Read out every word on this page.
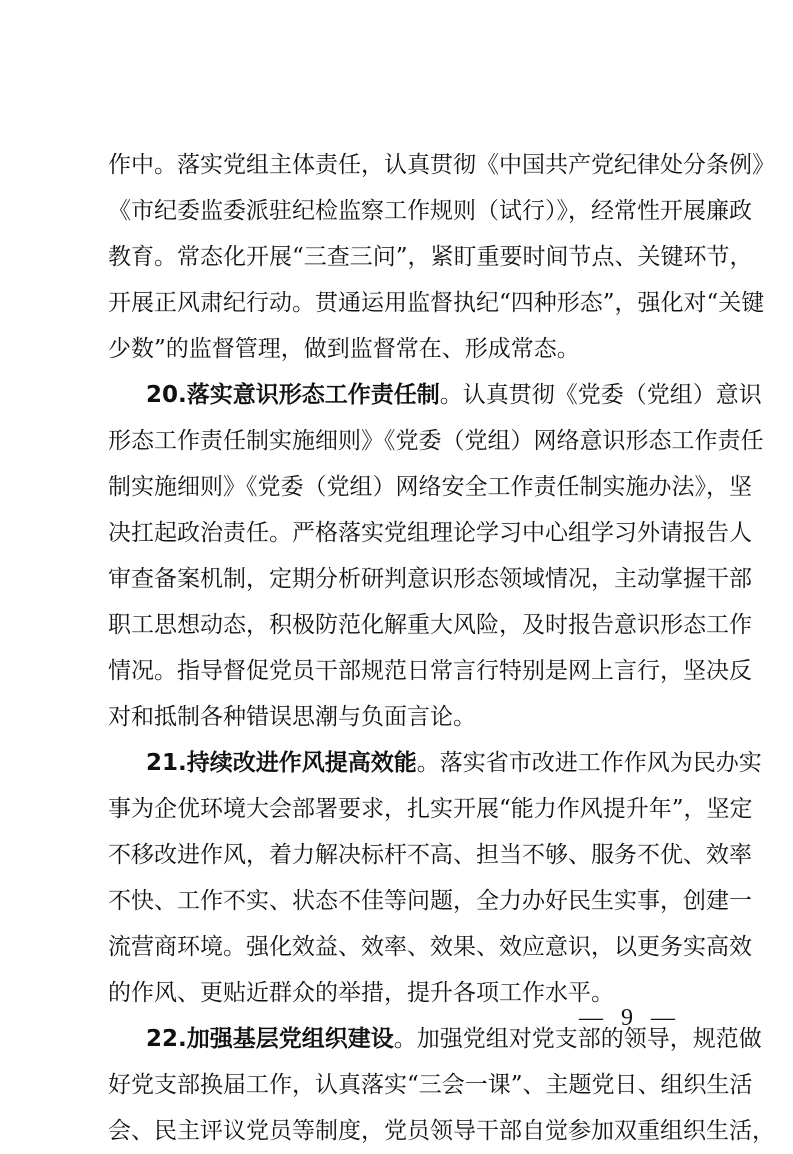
作中。落实党组主体责任，认真贯彻《中国共产党纪律处分条例》
《市纪委监委派驻纪检监察工作规则（试行）》，经常性开展廉政
教育。常态化开展“三查三问”，紧盯重要时间节点、关键环节，
开展正风肃纪行动。贯通运用监督执纪“四种形态”，强化对“关键
少数”的监督管理，做到监督常在、形成常态。
20.落实意识形态工作责任制。认真贯彻《党委（党组）意识
形态工作责任制实施细则》《党委（党组）网络意识形态工作责任
制实施细则》《党委（党组）网络安全工作责任制实施办法》，坚
决扛起政治责任。严格落实党组理论学习中心组学习外请报告人
审查备案机制，定期分析研判意识形态领域情况，主动掌握干部
职工思想动态，积极防范化解重大风险，及时报告意识形态工作
情况。指导督促党员干部规范日常言行特别是网上言行，坚决反
对和抵制各种错误思潮与负面言论。
21.持续改进作风提高效能。落实省市改进工作作风为民办实
事为企优环境大会部署要求，扎实开展“能力作风提升年”，坚定
不移改进作风，着力解决标杆不高、担当不够、服务不优、效率
不快、工作不实、状态不佳等问题，全力办好民生实事，创建一
流营商环境。强化效益、效率、效果、效应意识，以更务实高效
的作风、更贴近群众的举措，提升各项工作水平。
22.加强基层党组织建设。加强党组对党支部的领导，规范做
好党支部换届工作，认真落实“三会一课”、主题党日、组织生活
会、民主评议党员等制度，党员领导干部自觉参加双重组织生活，
— 9 —
